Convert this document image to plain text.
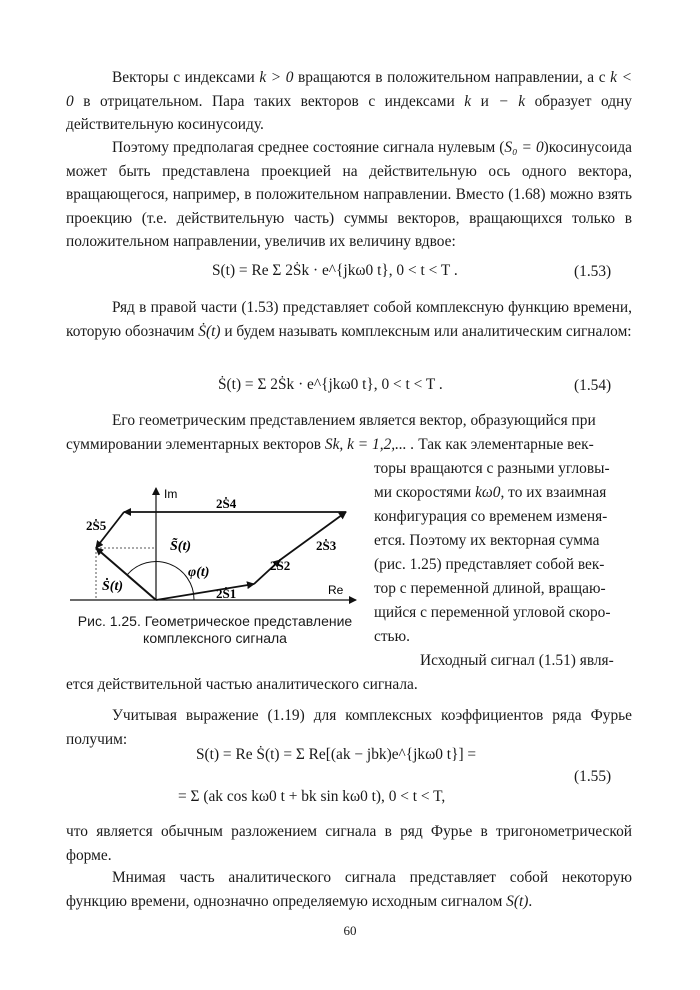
Векторы с индексами k > 0 вращаются в положительном направлении, а с k < 0 в отрицательном. Пара таких векторов с индексами k и − k образует одну действительную косинусоиду.

Поэтому предполагая среднее состояние сигнала нулевым (S₀ = 0)косинусоида может быть представлена проекцией на действительную ось одного вектора, вращающегося, например, в положительном направлении. Вместо (1.68) можно взять проекцию (т.е. действительную часть) суммы векторов, вращающихся только в положительном направлении, увеличив их величину вдвое:

S(t) = Re Σ 2Ṡk · e^{jkω0 t}, 0 < t < T .	(1.53)

Ряд в правой части (1.53) представляет собой комплексную функцию времени, которую обозначим Ṡ(t) и будем называть комплексным или аналитическим сигналом:

Ṡ(t) = Σ 2Ṡk · e^{jkω0 t}, 0 < t < T .	(1.54)
Его геометрическим представлением является вектор, образующийся при
суммировании элементарных векторов Sk, k = 1,2,... . Так как элементарные век-
торы вращаются с разными угловы-
ми скоростями kω0, то их взаимная
конфигурация со временем изменя-
ется. Поэтому их векторная сумма
(рис. 1.25) представляет собой век-
тор с переменной длиной, вращаю-
щийся с переменной угловой скоро-
стью.
Im
Re
2Ṡ4
2Ṡ5
2Ṡ3
2Ṡ2
2Ṡ1
S̃(t)
φ(t)
Ṡ(t)
Рис. 1.25. Геометрическое представление
комплексного сигнала
Исходный сигнал (1.51) явля-
ется действительной частью аналитического сигнала.

Учитывая выражение (1.19) для комплексных коэффициентов ряда Фурье получим:

S(t) = Re Ṡ(t) = Σ Re[(ak − jbk)e^{jkω0 t}] =
= Σ (ak cos kω0 t + bk sin kω0 t), 0 < t < T,
(1.55)

что является обычным разложением сигнала в ряд Фурье в тригонометрической форме.

Мнимая часть аналитического сигнала представляет собой некоторую функцию времени, однозначно определяемую исходным сигналом S(t).

60
